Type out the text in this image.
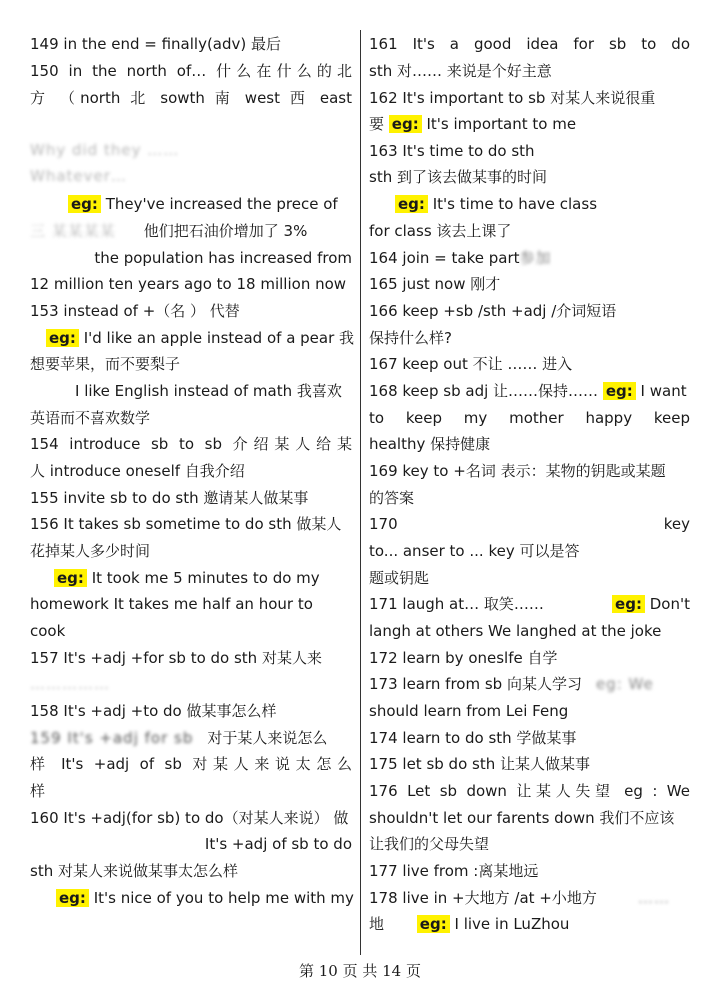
149 in the end = finally(adv) 最后
150 in the north of… 什么在什么的北
方 （north 北 sowth 南 west 西 east
Why did they ……
Whatever…
eg: They've increased the prece of
三 某某某某 他们把石油价增加了 3%
the population has increased from
12 million ten years ago to 18 million now
153 instead of +（名 ） 代替
eg: I'd like an apple instead of a pear 我
想要苹果，而不要梨子
I like English instead of math 我喜欢
英语而不喜欢数学
154 introduce sb to sb 介绍某人给某
人 introduce oneself 自我介绍
155 invite sb to do sth 邀请某人做某事
156 It takes sb sometime to do sth 做某人
花掉某人多少时间
eg: It took me 5 minutes to do my
homework It takes me half an hour to
cook
157 It's +adj +for sb to do sth 对某人来
……………
158 It's +adj +to do 做某事怎么样
159 It's +adj for sb 对于某人来说怎么
样 It's +adj of sb 对某人来说太怎么
样
160 It's +adj(for sb) to do（对某人来说） 做
It's +adj of sb to do
sth 对某人来说做某事太怎么样
eg: It's nice of you to help me with my
161 It's a good idea for sb to do
sth 对…… 来说是个好主意
162 It's important to sb 对某人来说很重
要 eg: It's important to me
163 It's time to do sth
sth 到了该去做某事的时间
eg: It's time to have class
for class 该去上课了
164 join = take part参加
165 just now 刚才
166 keep +sb /sth +adj /介词短语
保持什么样?
167 keep out 不让 …… 进入
168 keep sb adj 让……保持…… eg: I want
to keep my mother happy keep
healthy 保持健康
169 key to +名词 表示：某物的钥匙或某题
的答案
170	key
to... anser to ... key 可以是答
题或钥匙
171 laugh at… 取笑……	eg: Don't
langh at others We langhed at the joke
172 learn by oneslfe 自学
173 learn from sb 向某人学习 eg: We
should learn from Lei Feng
174 learn to do sth 学做某事
175 let sb do sth 让某人做某事
176 Let sb down 让某人失望 eg : We
shouldn't let our farents down 我们不应该
让我们的父母失望
177 live from :离某地远
178 live in +大地方 /at +小地方	……
地 eg: I live in LuZhou
第 10 页 共 14 页
